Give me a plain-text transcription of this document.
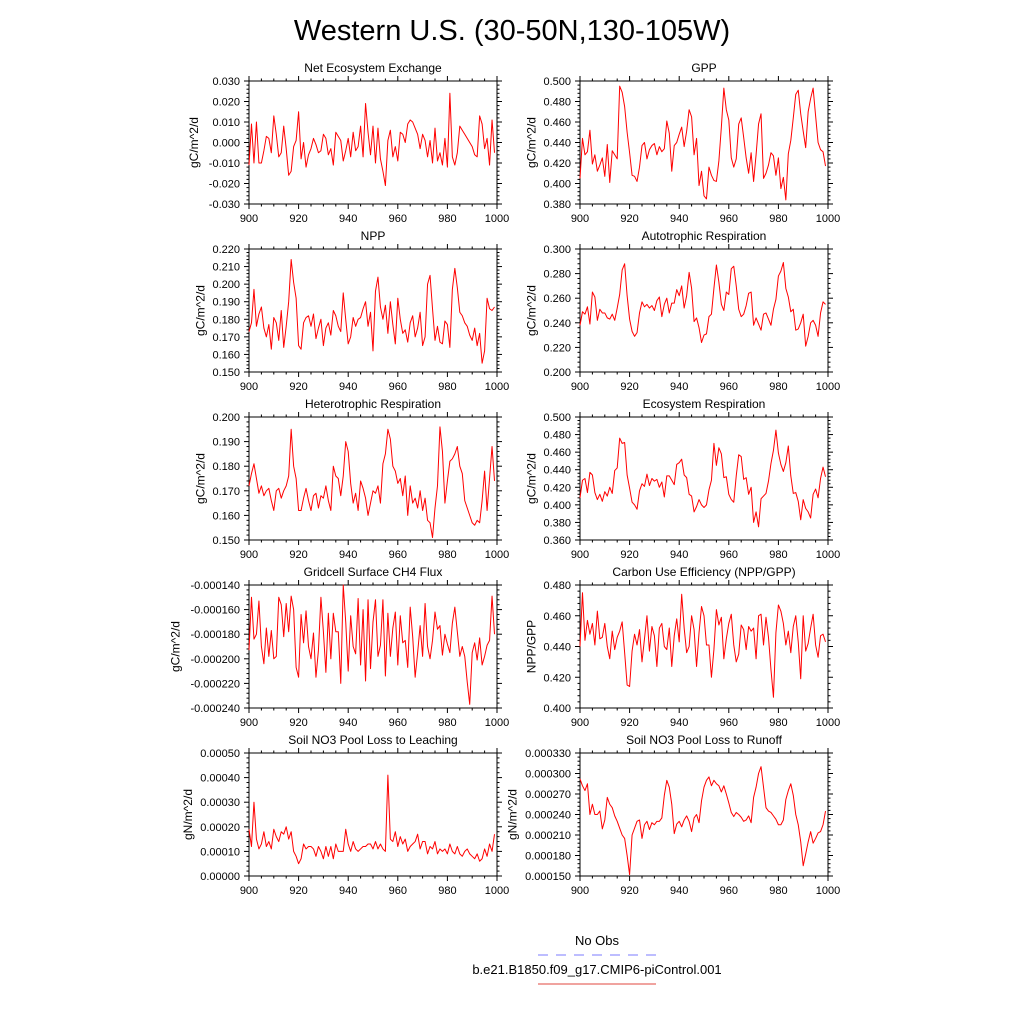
Western U.S. (30-50N,130-105W)
Net Ecosystem Exchange
0.030
0.020
0.010
0.000
-0.010
-0.020
-0.030
900	920	940	960	980	1000
gC/m^2/d
GPP
0.500
0.480
0.460
0.440
0.420
0.400
0.380
900	920	940	960	980	1000
gC/m^2/d
NPP
0.220
0.210
0.200
0.190
0.180
0.170
0.160
0.150
900	920	940	960	980	1000
gC/m^2/d
Autotrophic Respiration
0.300
0.280
0.260
0.240
0.220
0.200
900	920	940	960	980	1000
gC/m^2/d
Heterotrophic Respiration
0.200
0.190
0.180
0.170
0.160
0.150
900	920	940	960	980	1000
gC/m^2/d
Ecosystem Respiration
0.500
0.480
0.460
0.440
0.420
0.400
0.380
0.360
900	920	940	960	980	1000
gC/m^2/d
Gridcell Surface CH4 Flux
-0.000140
-0.000160
-0.000180
-0.000200
-0.000220
-0.000240
900	920	940	960	980	1000
gC/m^2/d
Carbon Use Efficiency (NPP/GPP)
0.480
0.460
0.440
0.420
0.400
900	920	940	960	980	1000
NPP/GPP
Soil NO3 Pool Loss to Leaching
0.00050
0.00040
0.00030
0.00020
0.00010
0.00000
900	920	940	960	980	1000
gN/m^2/d
Soil NO3 Pool Loss to Runoff
0.000330
0.000300
0.000270
0.000240
0.000210
0.000180
0.000150
900	920	940	960	980	1000
gN/m^2/d
No Obs
b.e21.B1850.f09_g17.CMIP6-piControl.001
